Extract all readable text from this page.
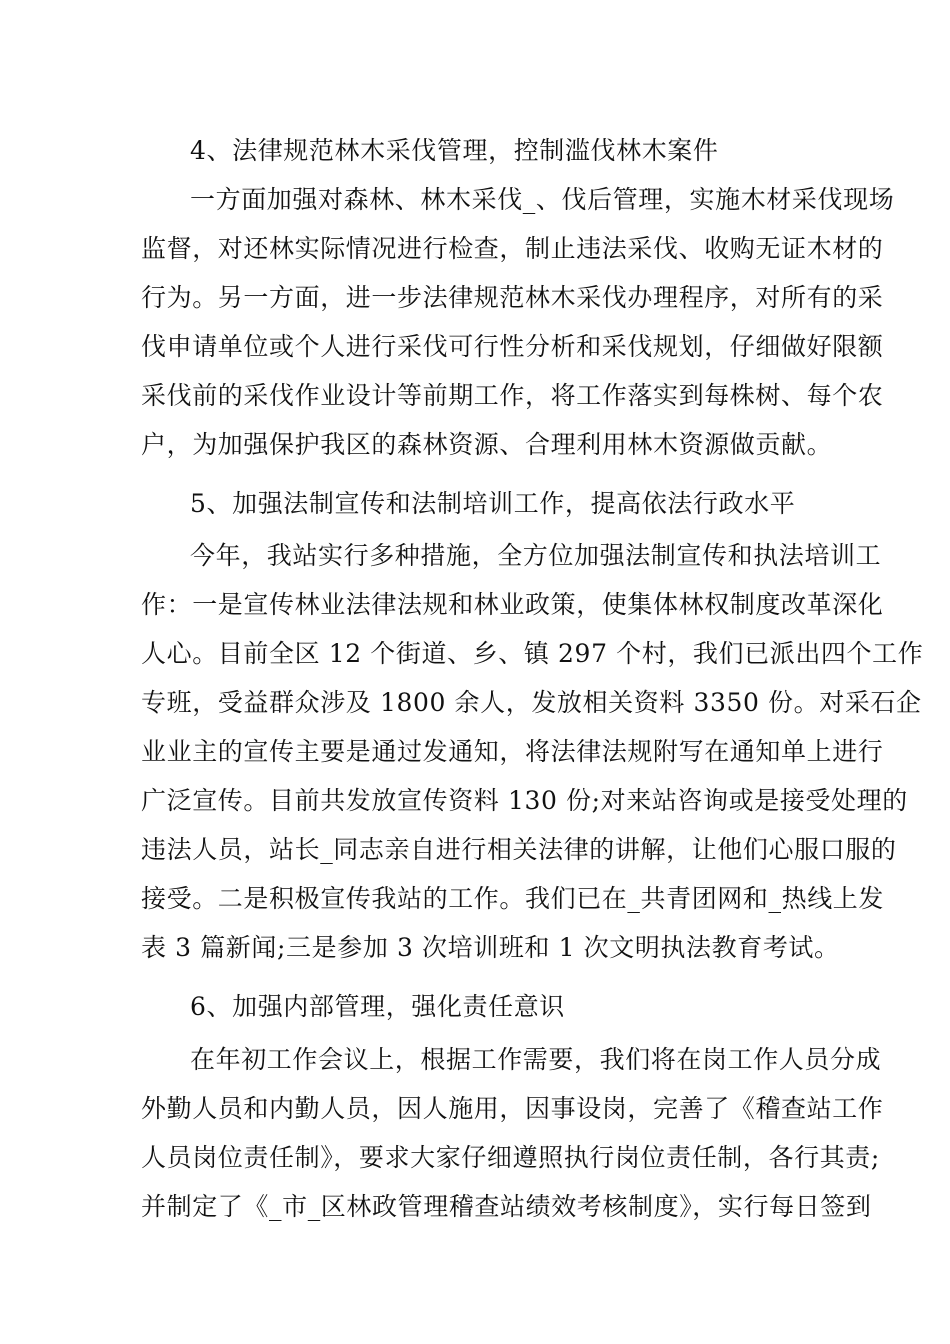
4、法律规范林木采伐管理，控制滥伐林木案件
一方面加强对森林、林木采伐_、伐后管理，实施木材采伐现场
监督，对还林实际情况进行检查，制止违法采伐、收购无证木材的
行为。另一方面，进一步法律规范林木采伐办理程序，对所有的采
伐申请单位或个人进行采伐可行性分析和采伐规划，仔细做好限额
采伐前的采伐作业设计等前期工作，将工作落实到每株树、每个农
户，为加强保护我区的森林资源、合理利用林木资源做贡献。
5、加强法制宣传和法制培训工作，提高依法行政水平
今年，我站实行多种措施，全方位加强法制宣传和执法培训工
作：一是宣传林业法律法规和林业政策，使集体林权制度改革深化
人心。目前全区 12 个街道、乡、镇 297 个村，我们已派出四个工作
专班，受益群众涉及 1800 余人，发放相关资料 3350 份。对采石企
业业主的宣传主要是通过发通知，将法律法规附写在通知单上进行
广泛宣传。目前共发放宣传资料 130 份;对来站咨询或是接受处理的
违法人员，站长_同志亲自进行相关法律的讲解，让他们心服口服的
接受。二是积极宣传我站的工作。我们已在_共青团网和_热线上发
表 3 篇新闻;三是参加 3 次培训班和 1 次文明执法教育考试。
6、加强内部管理，强化责任意识
在年初工作会议上，根据工作需要，我们将在岗工作人员分成
外勤人员和内勤人员，因人施用，因事设岗，完善了《稽查站工作
人员岗位责任制》，要求大家仔细遵照执行岗位责任制，各行其责;
并制定了《_市_区林政管理稽查站绩效考核制度》，实行每日签到
